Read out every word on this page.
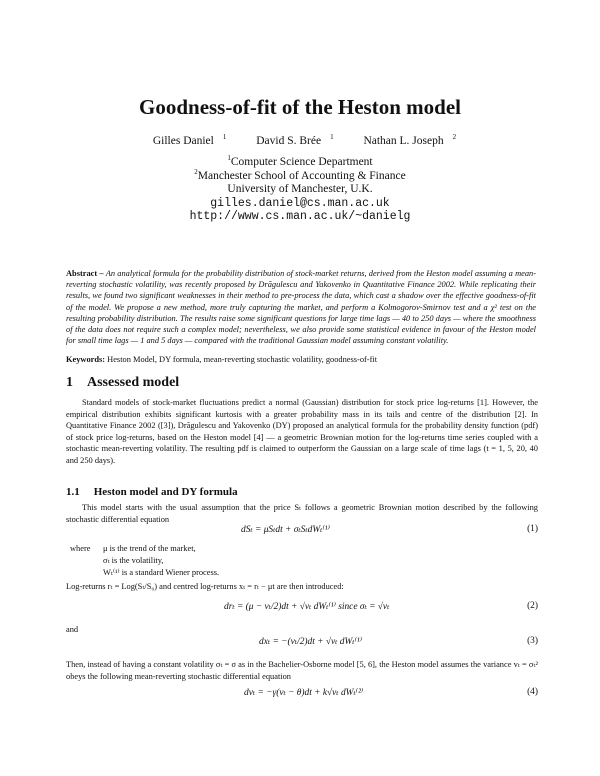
Goodness-of-fit of the Heston model
Gilles Daniel $^1$	David S. Brée $^1$	Nathan L. Joseph $^2$
$^1$Computer Science Department
$^2$Manchester School of Accounting & Finance
University of Manchester, U.K.
gilles.daniel@cs.man.ac.uk
http://www.cs.man.ac.uk/~danielg
Abstract – An analytical formula for the probability distribution of stock-market returns, derived from the Heston model assuming a mean-reverting stochastic volatility, was recently proposed by Drăgulescu and Yakovenko in Quantitative Finance 2002. While replicating their results, we found two significant weaknesses in their method to pre-process the data, which cast a shadow over the effective goodness-of-fit of the model. We propose a new method, more truly capturing the market, and perform a Kolmogorov-Smirnov test and a χ² test on the resulting probability distribution. The results raise some significant questions for large time lags — 40 to 250 days — where the smoothness of the data does not require such a complex model; nevertheless, we also provide some statistical evidence in favour of the Heston model for small time lags — 1 and 5 days — compared with the traditional Gaussian model assuming constant volatility.
Keywords: Heston Model, DY formula, mean-reverting stochastic volatility, goodness-of-fit
1 Assessed model
Standard models of stock-market fluctuations predict a normal (Gaussian) distribution for stock price log-returns [1]. However, the empirical distribution exhibits significant kurtosis with a greater probability mass in its tails and centre of the distribution [2]. In Quantitative Finance 2002 ([3]), Drăgulescu and Yakovenko (DY) proposed an analytical formula for the probability density function (pdf) of stock price log-returns, based on the Heston model [4] — a geometric Brownian motion for the log-returns time series coupled with a stochastic mean-reverting volatility. The resulting pdf is claimed to outperform the Gaussian on a large scale of time lags (t = 1, 5, 20, 40 and 250 days).
1.1 Heston model and DY formula
This model starts with the usual assumption that the price Sₜ follows a geometric Brownian motion described by the following stochastic differential equation
dSₜ = μSₜdt + σₜSₜdWₜ⁽¹⁾	(1)
where μ is the trend of the market,
σₜ is the volatility,
Wₜ⁽¹⁾ is a standard Wiener process.
Log-returns rₜ = Log(Sₜ/S₀) and centred log-returns xₜ = rₜ − μt are then introduced:
drₜ = (μ − vₜ/2)dt + √vₜ dWₜ⁽¹⁾ since σₜ = √vₜ	(2)
and
dxₜ = −(vₜ/2)dt + √vₜ dWₜ⁽¹⁾	(3)
Then, instead of having a constant volatility σₜ = σ as in the Bachelier-Osborne model [5, 6], the Heston model assumes the variance vₜ = σₜ² obeys the following mean-reverting stochastic differential equation
dvₜ = −γ(vₜ − θ)dt + k√vₜ dWₜ⁽²⁾	(4)
